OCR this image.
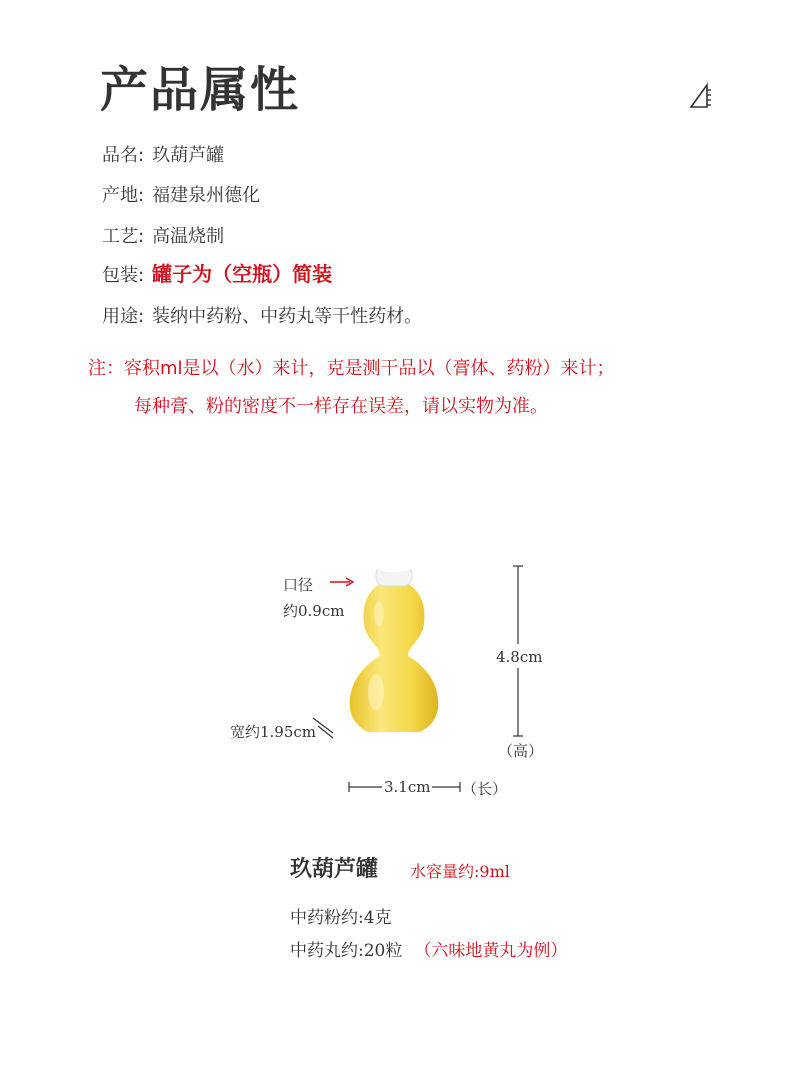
产品属性
品名: 玖葫芦罐
产地: 福建泉州德化
工艺: 高温烧制
包装: 罐子为（空瓶）简装
用途: 装纳中药粉、中药丸等干性药材。
注：容积ml是以（水）来计，克是测干品以（膏体、药粉）来计；
每种膏、粉的密度不一样存在误差，请以实物为准。
口径
约0.9cm
4.8cm
（高）
宽约1.95cm
3.1cm （长）
玖葫芦罐 水容量约:9ml
中药粉约:4克
中药丸约:20粒 （六味地黄丸为例）
